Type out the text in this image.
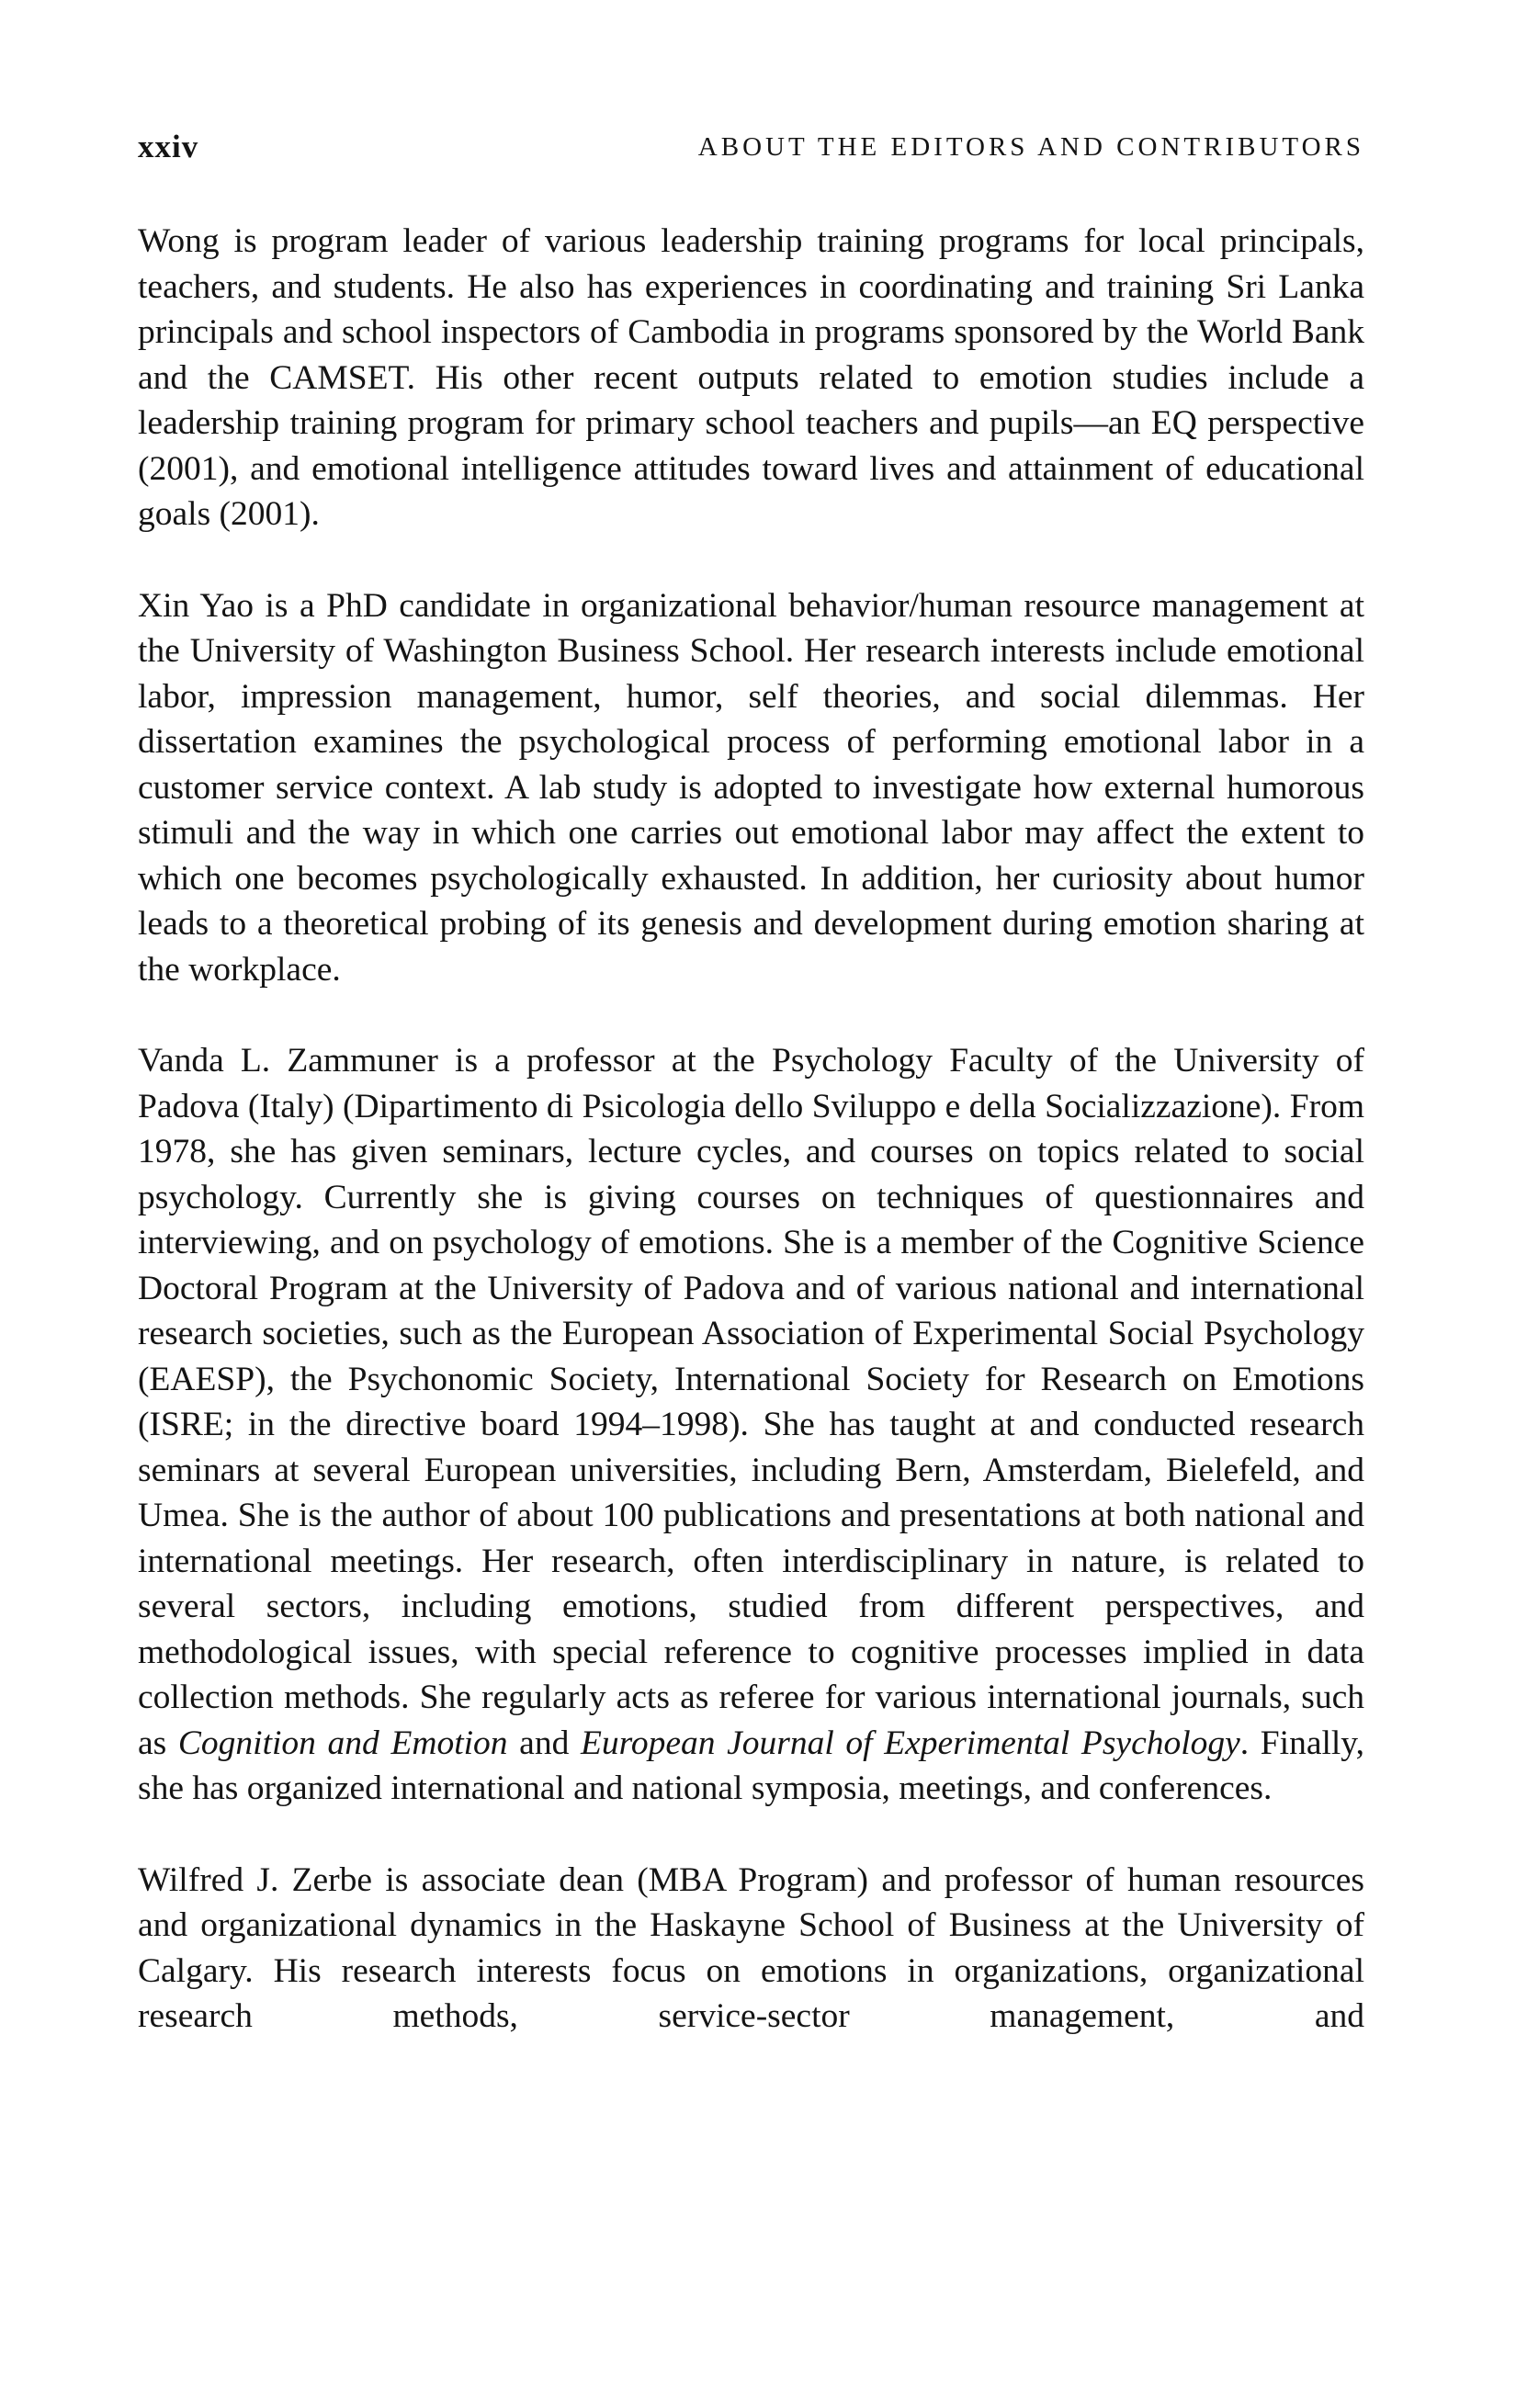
xxiv	ABOUT THE EDITORS AND CONTRIBUTORS

Wong is program leader of various leadership training programs for local principals, teachers, and students. He also has experiences in coordinating and training Sri Lanka principals and school inspectors of Cambodia in programs sponsored by the World Bank and the CAMSET. His other recent outputs related to emotion studies include a leadership training program for primary school teachers and pupils—an EQ perspective (2001), and emotional intelligence attitudes toward lives and attainment of educational goals (2001).

Xin Yao is a PhD candidate in organizational behavior/human resource management at the University of Washington Business School. Her research interests include emotional labor, impression management, humor, self theories, and social dilemmas. Her dissertation examines the psychological process of performing emotional labor in a customer service context. A lab study is adopted to investigate how external humorous stimuli and the way in which one carries out emotional labor may affect the extent to which one becomes psychologically exhausted. In addition, her curiosity about humor leads to a theoretical probing of its genesis and development during emotion sharing at the workplace.

Vanda L. Zammuner is a professor at the Psychology Faculty of the University of Padova (Italy) (Dipartimento di Psicologia dello Sviluppo e della Socializzazione). From 1978, she has given seminars, lecture cycles, and courses on topics related to social psychology. Currently she is giving courses on techniques of questionnaires and interviewing, and on psychology of emotions. She is a member of the Cognitive Science Doctoral Program at the University of Padova and of various national and international research societies, such as the European Association of Experimental Social Psychology (EAESP), the Psychonomic Society, International Society for Research on Emotions (ISRE; in the directive board 1994–1998). She has taught at and conducted research seminars at several European universities, including Bern, Amsterdam, Bielefeld, and Umea. She is the author of about 100 publications and presentations at both national and international meetings. Her research, often interdisciplinary in nature, is related to several sectors, including emotions, studied from different perspectives, and methodological issues, with special reference to cognitive processes implied in data collection methods. She regularly acts as referee for various international journals, such as Cognition and Emotion and European Journal of Experimental Psychology. Finally, she has organized international and national symposia, meetings, and conferences.

Wilfred J. Zerbe is associate dean (MBA Program) and professor of human resources and organizational dynamics in the Haskayne School of Business at the University of Calgary. His research interests focus on emotions in organizations, organizational research methods, service-sector management, and
